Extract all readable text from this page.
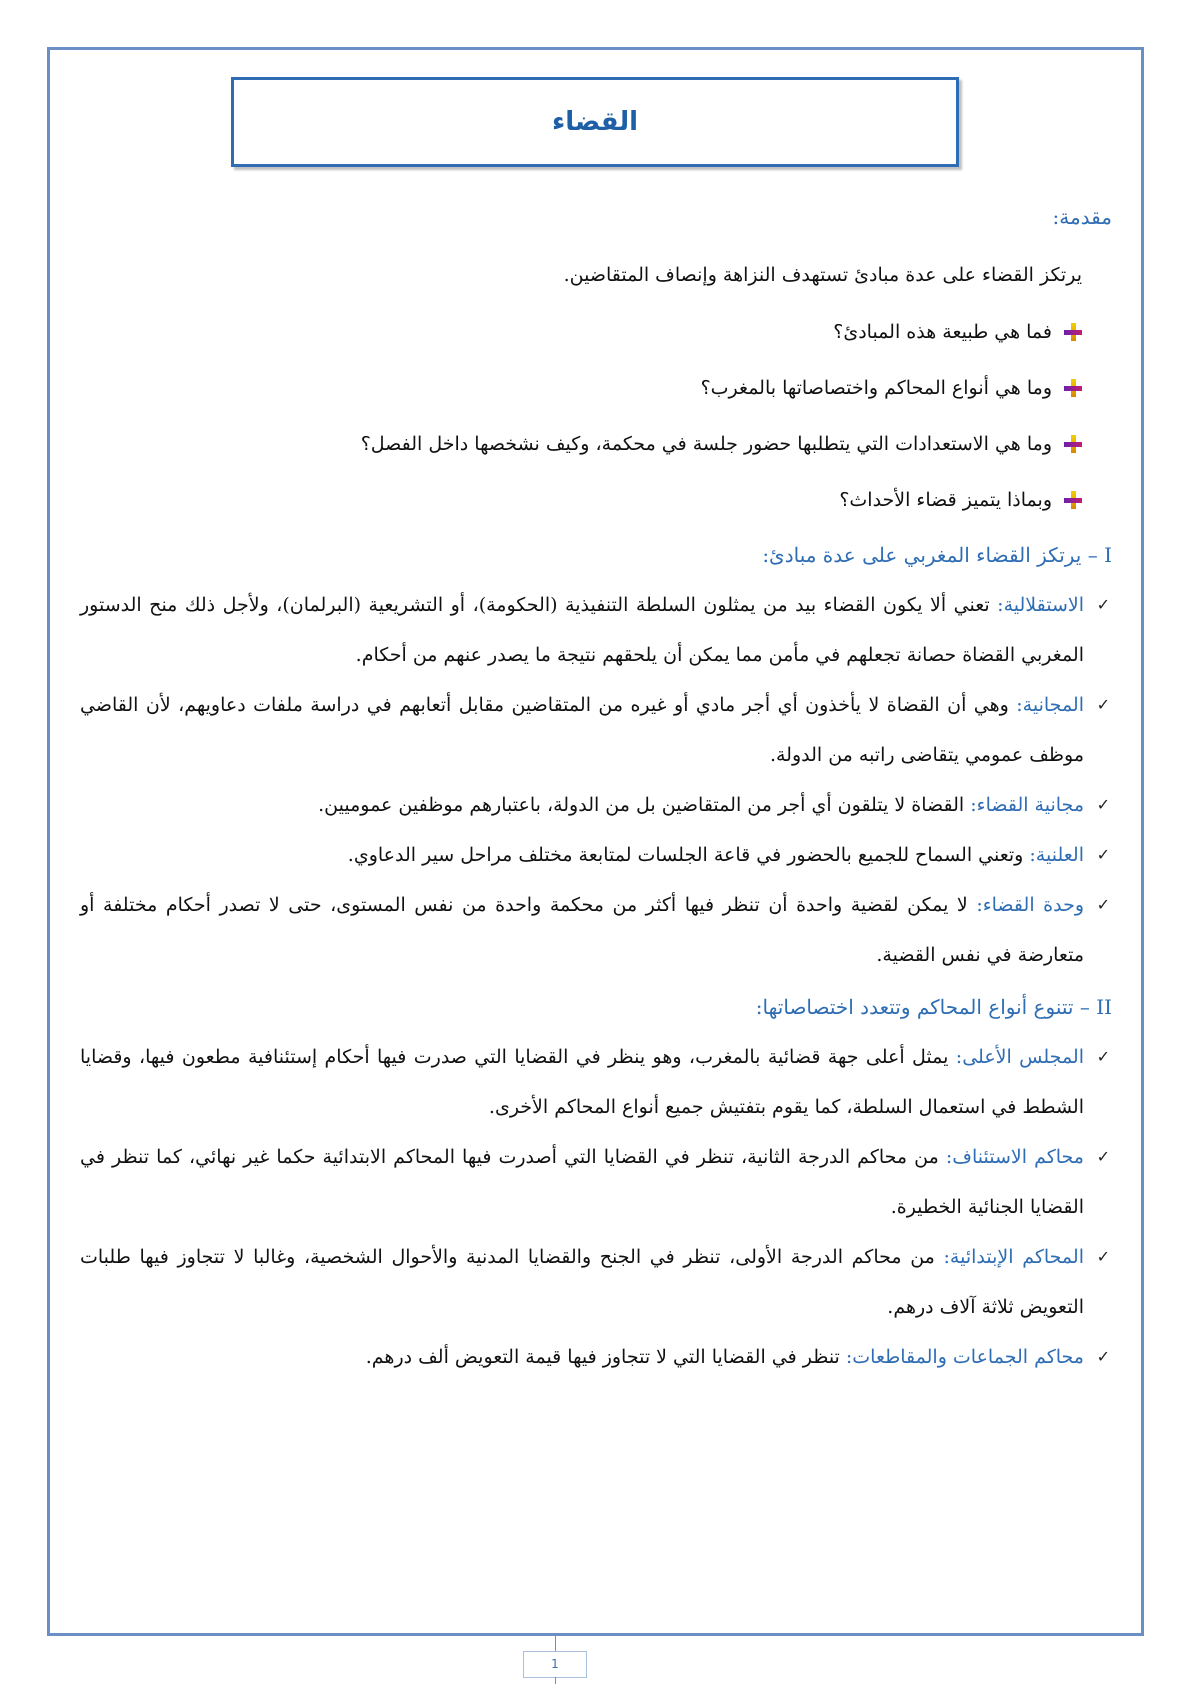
القضاء
مقدمة:

يرتكز القضاء على عدة مبادئ تستهدف النزاهة وإنصاف المتقاضين.

فما هي طبيعة هذه المبادئ؟
وما هي أنواع المحاكم واختصاصاتها بالمغرب؟
وما هي الاستعدادات التي يتطلبها حضور جلسة في محكمة، وكيف نشخصها داخل الفصل؟
وبماذا يتميز قضاء الأحداث؟
I – يرتكز القضاء المغربي على عدة مبادئ:
✓
الاستقلالية: تعني ألا يكون القضاء بيد من يمثلون السلطة التنفيذية (الحكومة)، أو التشريعية (البرلمان)، ولأجل ذلك منح الدستور المغربي القضاة حصانة تجعلهم في مأمن مما يمكن أن يلحقهم نتيجة ما يصدر عنهم من أحكام.
✓
المجانية: وهي أن القضاة لا يأخذون أي أجر مادي أو غيره من المتقاضين مقابل أتعابهم في دراسة ملفات دعاويهم، لأن القاضي موظف عمومي يتقاضى راتبه من الدولة.
✓
مجانية القضاء: القضاة لا يتلقون أي أجر من المتقاضين بل من الدولة، باعتبارهم موظفين عموميين.
✓
العلنية: وتعني السماح للجميع بالحضور في قاعة الجلسات لمتابعة مختلف مراحل سير الدعاوي.
✓
وحدة القضاء: لا يمكن لقضية واحدة أن تنظر فيها أكثر من محكمة واحدة من نفس المستوى، حتى لا تصدر أحكام مختلفة أو متعارضة في نفس القضية.
II – تتنوع أنواع المحاكم وتتعدد اختصاصاتها:
✓
المجلس الأعلى: يمثل أعلى جهة قضائية بالمغرب، وهو ينظر في القضايا التي صدرت فيها أحكام إستئنافية مطعون فيها، وقضايا الشطط في استعمال السلطة، كما يقوم بتفتيش جميع أنواع المحاكم الأخرى.
✓
محاكم الاستئناف: من محاكم الدرجة الثانية، تنظر في القضايا التي أصدرت فيها المحاكم الابتدائية حكما غير نهائي، كما تنظر في القضايا الجنائية الخطيرة.
✓
المحاكم الإبتدائية: من محاكم الدرجة الأولى، تنظر في الجنح والقضايا المدنية والأحوال الشخصية، وغالبا لا تتجاوز فيها طلبات التعويض ثلاثة آلاف درهم.
✓
محاكم الجماعات والمقاطعات: تنظر في القضايا التي لا تتجاوز فيها قيمة التعويض ألف درهم.
1
